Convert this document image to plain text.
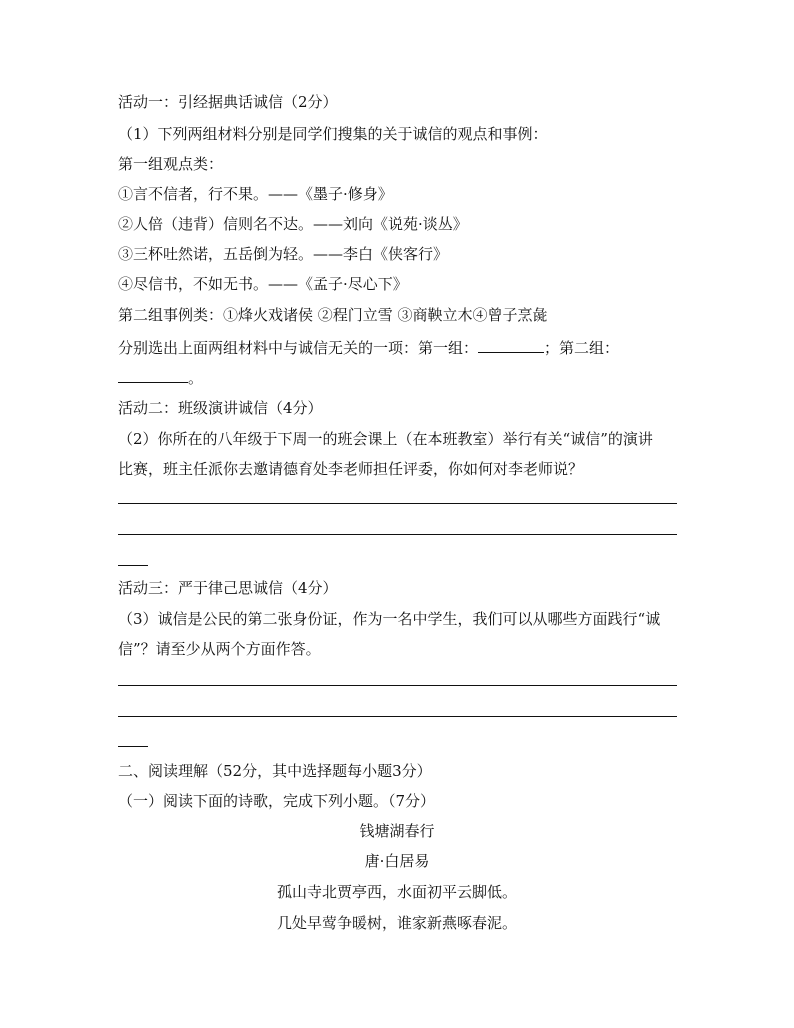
活动一：引经据典话诚信（2分）
（1）下列两组材料分别是同学们搜集的关于诚信的观点和事例：
第一组观点类：
①言不信者，行不果。——《墨子·修身》
②人倍（违背）信则名不达。——刘向《说苑·谈丛》
③三杯吐然诺，五岳倒为轻。——李白《侠客行》
④尽信书，不如无书。——《孟子·尽心下》
第二组事例类：①烽火戏诸侯 ②程门立雪 ③商鞅立木④曾子烹彘
分别选出上面两组材料中与诚信无关的一项：第一组：	；第二组：
。
活动二：班级演讲诚信（4分）
（2）你所在的八年级于下周一的班会课上（在本班教室）举行有关“诚信”的演讲
比赛，班主任派你去邀请德育处李老师担任评委，你如何对李老师说？
活动三：严于律己思诚信（4分）
（3）诚信是公民的第二张身份证，作为一名中学生，我们可以从哪些方面践行“诚
信”？请至少从两个方面作答。
二、阅读理解（52分，其中选择题每小题3分）
（一）阅读下面的诗歌，完成下列小题。（7分）
钱塘湖春行
唐·白居易
孤山寺北贾亭西，水面初平云脚低。
几处早莺争暖树，谁家新燕啄春泥。
